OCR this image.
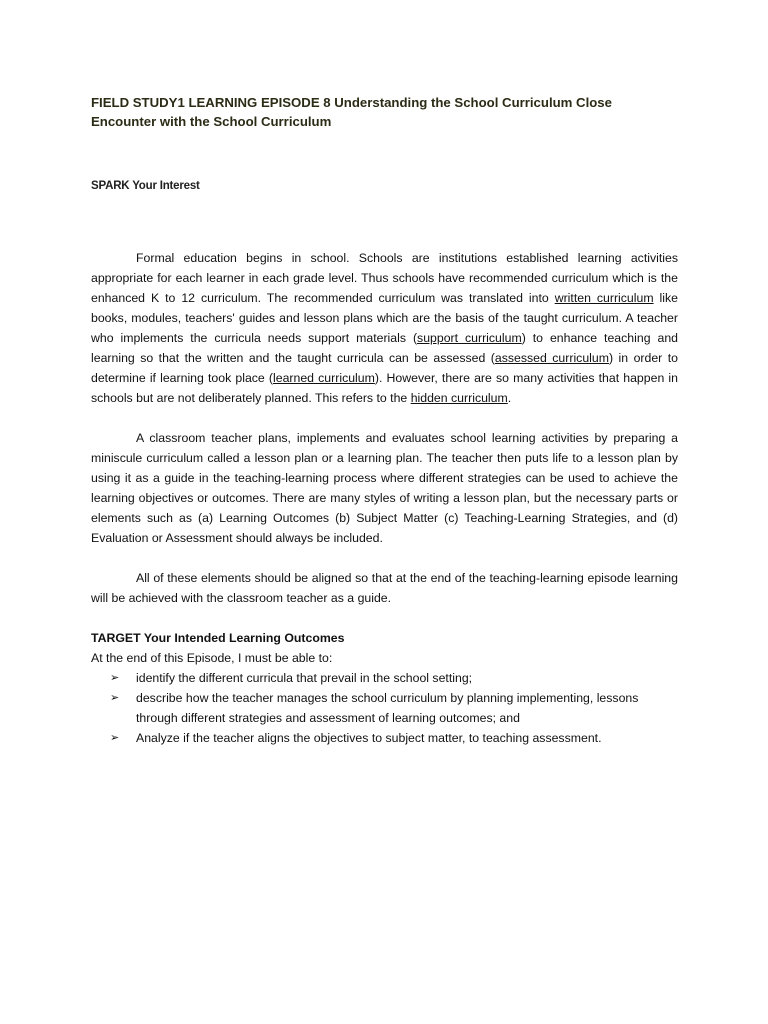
FIELD STUDY1 LEARNING EPISODE 8 Understanding the School Curriculum Close Encounter with the School Curriculum

SPARK Your Interest

Formal education begins in school. Schools are institutions established learning activities appropriate for each learner in each grade level. Thus schools have recommended curriculum which is the enhanced K to 12 curriculum. The recommended curriculum was translated into written curriculum like books, modules, teachers' guides and lesson plans which are the basis of the taught curriculum. A teacher who implements the curricula needs support materials (support curriculum) to enhance teaching and learning so that the written and the taught curricula can be assessed (assessed curriculum) in order to determine if learning took place (learned curriculum). However, there are so many activities that happen in schools but are not deliberately planned. This refers to the hidden curriculum.

A classroom teacher plans, implements and evaluates school learning activities by preparing a miniscule curriculum called a lesson plan or a learning plan. The teacher then puts life to a lesson plan by using it as a guide in the teaching-learning process where different strategies can be used to achieve the learning objectives or outcomes. There are many styles of writing a lesson plan, but the necessary parts or elements such as (a) Learning Outcomes (b) Subject Matter (c) Teaching-Learning Strategies, and (d) Evaluation or Assessment should always be included.

All of these elements should be aligned so that at the end of the teaching-learning episode learning will be achieved with the classroom teacher as a guide.

TARGET Your Intended Learning Outcomes

At the end of this Episode, I must be able to:

➢ identify the different curricula that prevail in the school setting;
➢ describe how the teacher manages the school curriculum by planning implementing, lessons through different strategies and assessment of learning outcomes; and
➢ Analyze if the teacher aligns the objectives to subject matter, to teaching assessment.
